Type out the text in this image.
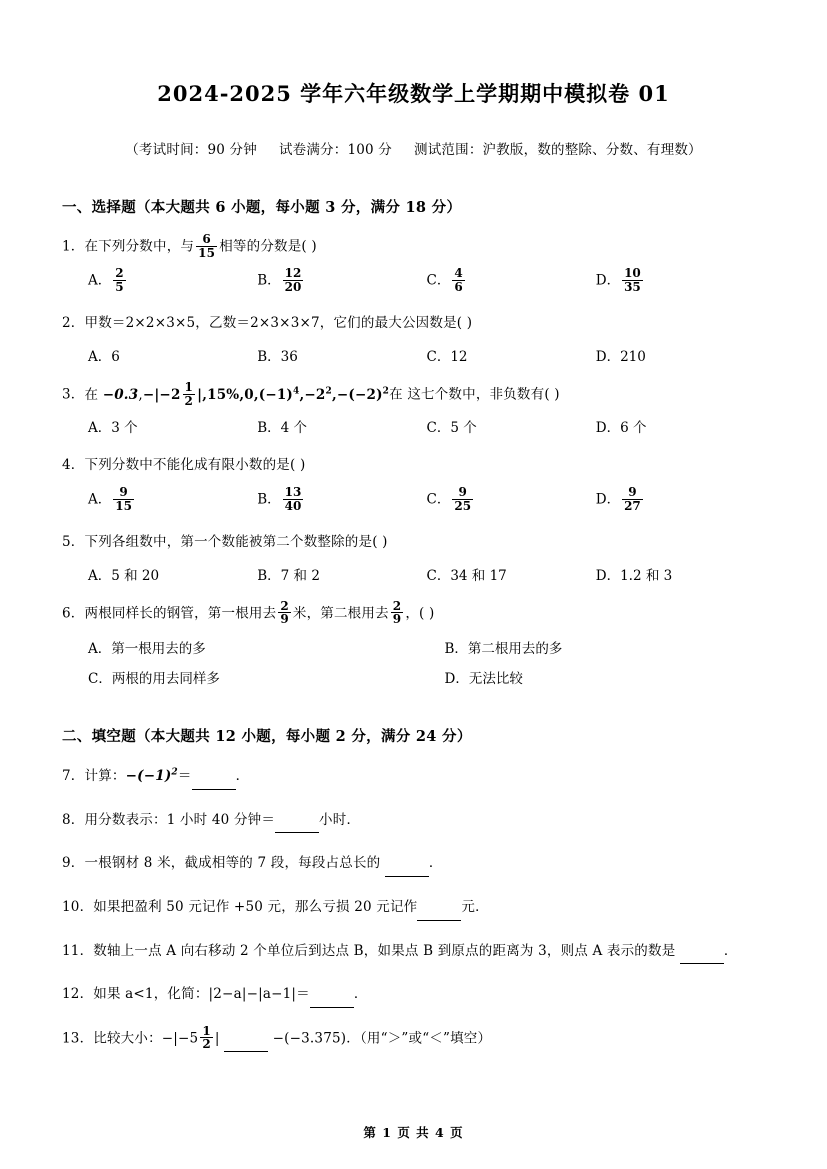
2024-2025 学年六年级数学上学期期中模拟卷 01
（考试时间：90 分钟 试卷满分：100 分 测试范围：沪教版，数的整除、分数、有理数）
一、选择题（本大题共 6 小题，每小题 3 分，满分 18 分）
1．在下列分数中，与 $\frac{6}{15}$ 相等的分数是( )
A． $\frac{2}{5}$	B． $\frac{12}{20}$	C． $\frac{4}{6}$	D． $\frac{10}{35}$
2．甲数＝2×2×3×5，乙数＝2×3×3×7，它们的最大公因数是( )
A．6	B．36	C．12	D．210
3．在 $-0.3,-|-2 \frac{1}{2} |,15\%,0,(-1)^4,-2^2,-(-2)^2$在 这七个数中，非负数有( )
A．3 个	B．4 个	C．5 个	D．6 个
4．下列分数中不能化成有限小数的是( )
A． $\frac{9}{15}$	B． $\frac{13}{40}$	C． $\frac{9}{25}$	D． $\frac{9}{27}$
5．下列各组数中，第一个数能被第二个数整除的是( )
A．5 和 20	B．7 和 2	C．34 和 17	D．1.2 和 3
6．两根同样长的钢管，第一根用去 $\frac{2}{9}$ 米，第二根用去 $\frac{2}{9}$ ，( )
A．第一根用去的多	B．第二根用去的多
C．两根的用去同样多	D．无法比较
二、填空题（本大题共 12 小题，每小题 2 分，满分 24 分）
7．计算：$-(-1)^2=$	．
8．用分数表示：1 小时 40 分钟＝	小时．
9．一根钢材 8 米，截成相等的 7 段，每段占总长的	．
10．如果把盈利 50 元记作 +50 元，那么亏损 20 元记作	元．
11．数轴上一点 A 向右移动 2 个单位后到达点 B，如果点 B 到原点的距离为 3，则点 A 表示的数是	．
12．如果 a<1，化简：|2−a|−|a−1|＝	．
13．比较大小：$-|-5 \frac{1}{2}$ |	−(−3.375)．（用“＞”或“＜”填空）
第 1 页 共 4 页
